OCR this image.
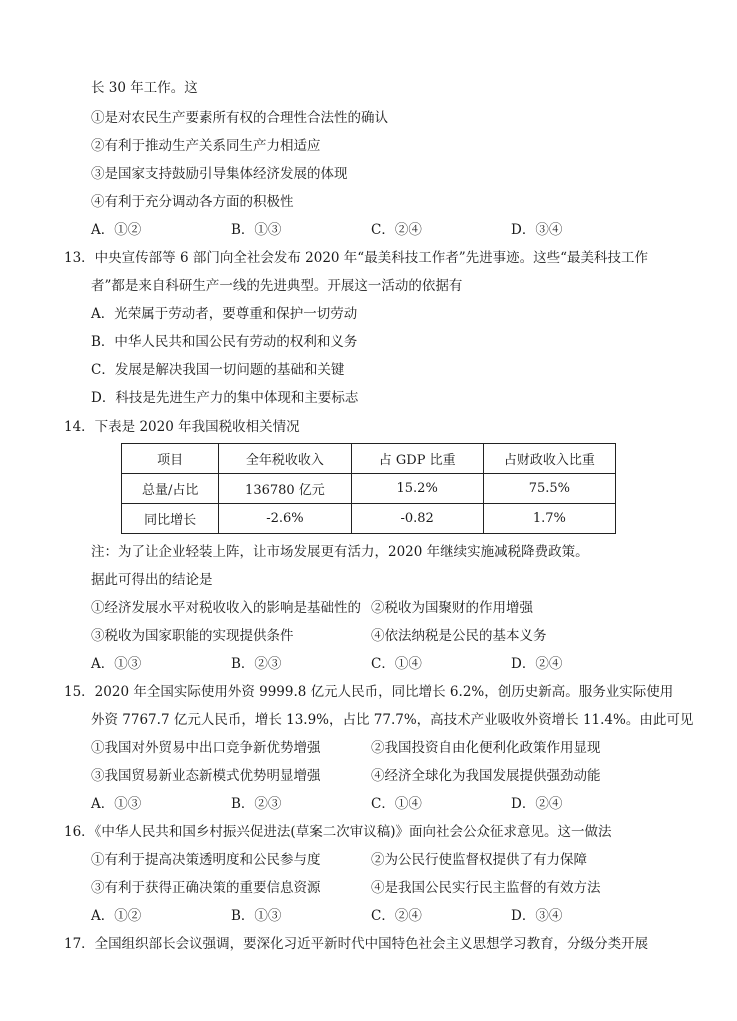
长 30 年工作。这
①是对农民生产要素所有权的合理性合法性的确认
②有利于推动生产关系同生产力相适应
③是国家支持鼓励引导集体经济发展的体现
④有利于充分调动各方面的积极性
A．①②	B．①③	C．②④	D．③④
13．中央宣传部等 6 部门向全社会发布 2020 年“最美科技工作者”先进事迹。这些“最美科技工作
者”都是来自科研生产一线的先进典型。开展这一活动的依据有
A．光荣属于劳动者，要尊重和保护一切劳动
B．中华人民共和国公民有劳动的权利和义务
C．发展是解决我国一切问题的基础和关键
D．科技是先进生产力的集中体现和主要标志
14．下表是 2020 年我国税收相关情况
项目	全年税收收入	占 GDP 比重	占财政收入比重
总量/占比	136780 亿元	15.2%	75.5%
同比增长	-2.6%	-0.82	1.7%
注：为了让企业轻装上阵，让市场发展更有活力，2020 年继续实施减税降费政策。
据此可得出的结论是
①经济发展水平对税收收入的影响是基础性的 ②税收为国聚财的作用增强
③税收为国家职能的实现提供条件	④依法纳税是公民的基本义务
A．①③	B．②③	C．①④	D．②④
15．2020 年全国实际使用外资 9999.8 亿元人民币，同比增长 6.2%，创历史新高。服务业实际使用
外资 7767.7 亿元人民币，增长 13.9%，占比 77.7%，高技术产业吸收外资增长 11.4%。由此可见
①我国对外贸易中出口竞争新优势增强	②我国投资自由化便利化政策作用显现
③我国贸易新业态新模式优势明显增强	④经济全球化为我国发展提供强劲动能
A．①③	B．②③	C．①④	D．②④
16．《中华人民共和国乡村振兴促进法(草案二次审议稿)》面向社会公众征求意见。这一做法
①有利于提高决策透明度和公民参与度	②为公民行使监督权提供了有力保障
③有利于获得正确决策的重要信息资源	④是我国公民实行民主监督的有效方法
A．①②	B．①③	C．②④	D．③④
17．全国组织部长会议强调，要深化习近平新时代中国特色社会主义思想学习教育，分级分类开展
